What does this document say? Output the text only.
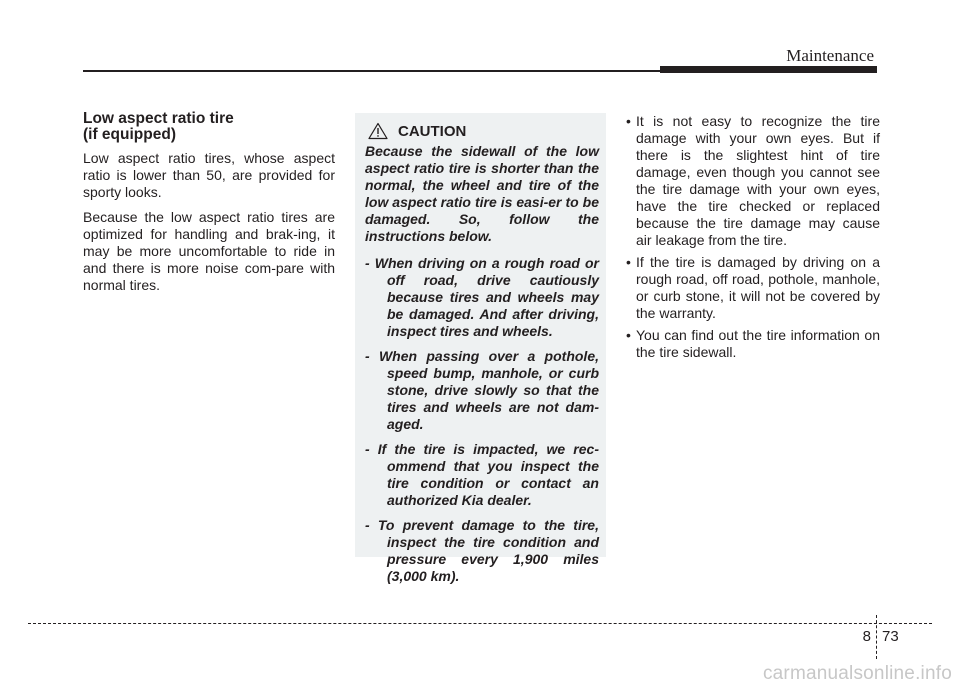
Maintenance
Low aspect ratio tire
(if equipped)

Low aspect ratio tires, whose aspect ratio is lower than 50, are provided for sporty looks.

Because the low aspect ratio tires are optimized for handling and brak-ing, it may be more uncomfortable to ride in and there is more noise com-pare with normal tires.

CAUTION

Because the sidewall of the low aspect ratio tire is shorter than the normal, the wheel and tire of the low aspect ratio tire is easi-er to be damaged. So, follow the instructions below.

- When driving on a rough road or off road, drive cautiously because tires and wheels may be damaged. And after driving, inspect tires and wheels.

- When passing over a pothole, speed bump, manhole, or curb stone, drive slowly so that the tires and wheels are not dam-aged.

- If the tire is impacted, we rec-ommend that you inspect the tire condition or contact an authorized Kia dealer.

- To prevent damage to the tire, inspect the tire condition and pressure every 1,900 miles (3,000 km).

• It is not easy to recognize the tire damage with your own eyes. But if there is the slightest hint of tire damage, even though you cannot see the tire damage with your own eyes, have the tire checked or replaced because the tire damage may cause air leakage from the tire.
• If the tire is damaged by driving on a rough road, off road, pothole, manhole, or curb stone, it will not be covered by the warranty.
• You can find out the tire information on the tire sidewall.
8 73
carmanualsonline.info
